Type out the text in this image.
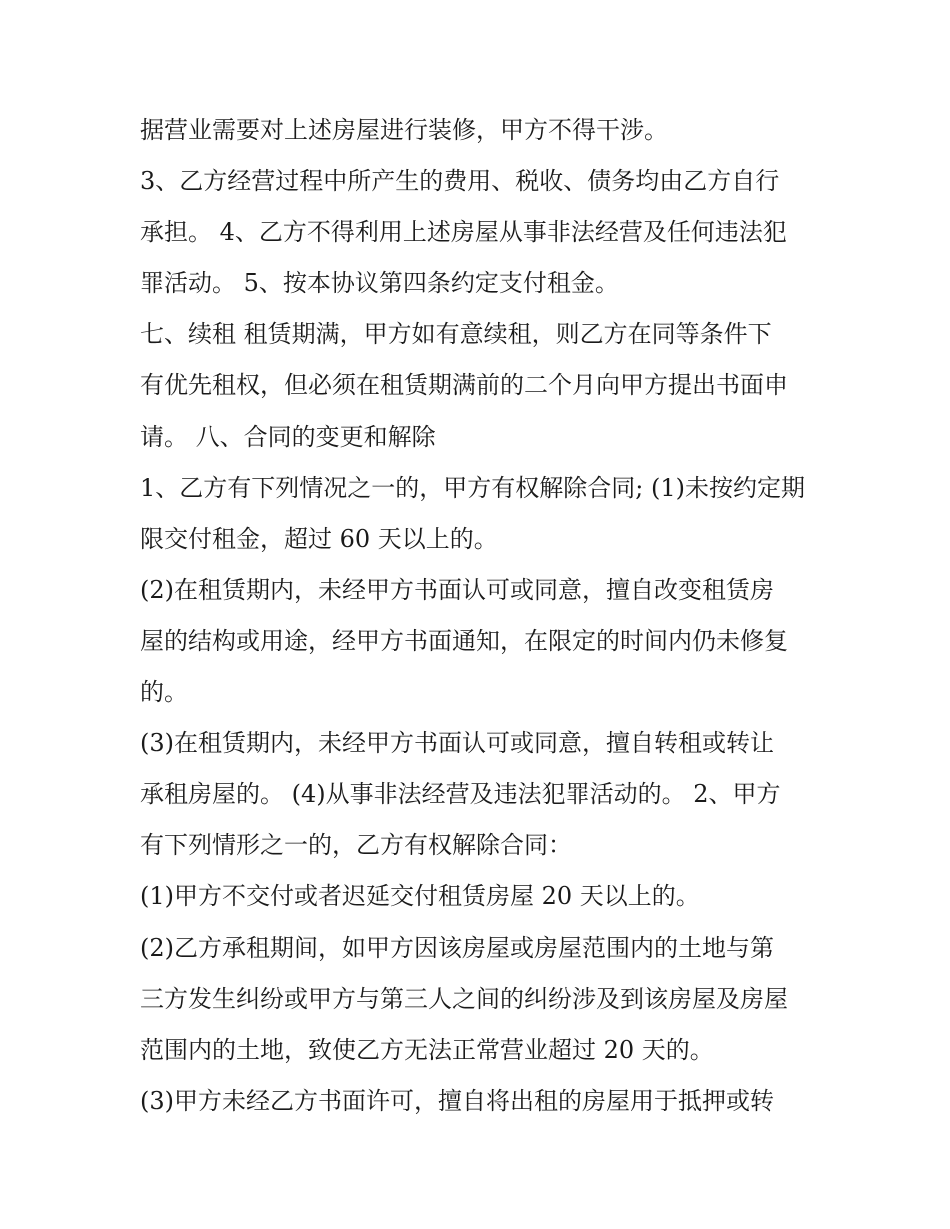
据营业需要对上述房屋进行装修，甲方不得干涉。
3、乙方经营过程中所产生的费用、税收、债务均由乙方自行
承担。 4、乙方不得利用上述房屋从事非法经营及任何违法犯
罪活动。 5、按本协议第四条约定支付租金。
七、续租 租赁期满，甲方如有意续租，则乙方在同等条件下
有优先租权，但必须在租赁期满前的二个月向甲方提出书面申
请。 八、合同的变更和解除
1、乙方有下列情况之一的，甲方有权解除合同; (1)未按约定期
限交付租金，超过 60 天以上的。
(2)在租赁期内，未经甲方书面认可或同意，擅自改变租赁房
屋的结构或用途，经甲方书面通知，在限定的时间内仍未修复
的。
(3)在租赁期内，未经甲方书面认可或同意，擅自转租或转让
承租房屋的。 (4)从事非法经营及违法犯罪活动的。 2、甲方
有下列情形之一的，乙方有权解除合同：
(1)甲方不交付或者迟延交付租赁房屋 20 天以上的。
(2)乙方承租期间，如甲方因该房屋或房屋范围内的土地与第
三方发生纠纷或甲方与第三人之间的纠纷涉及到该房屋及房屋
范围内的土地，致使乙方无法正常营业超过 20 天的。
(3)甲方未经乙方书面许可，擅自将出租的房屋用于抵押或转
